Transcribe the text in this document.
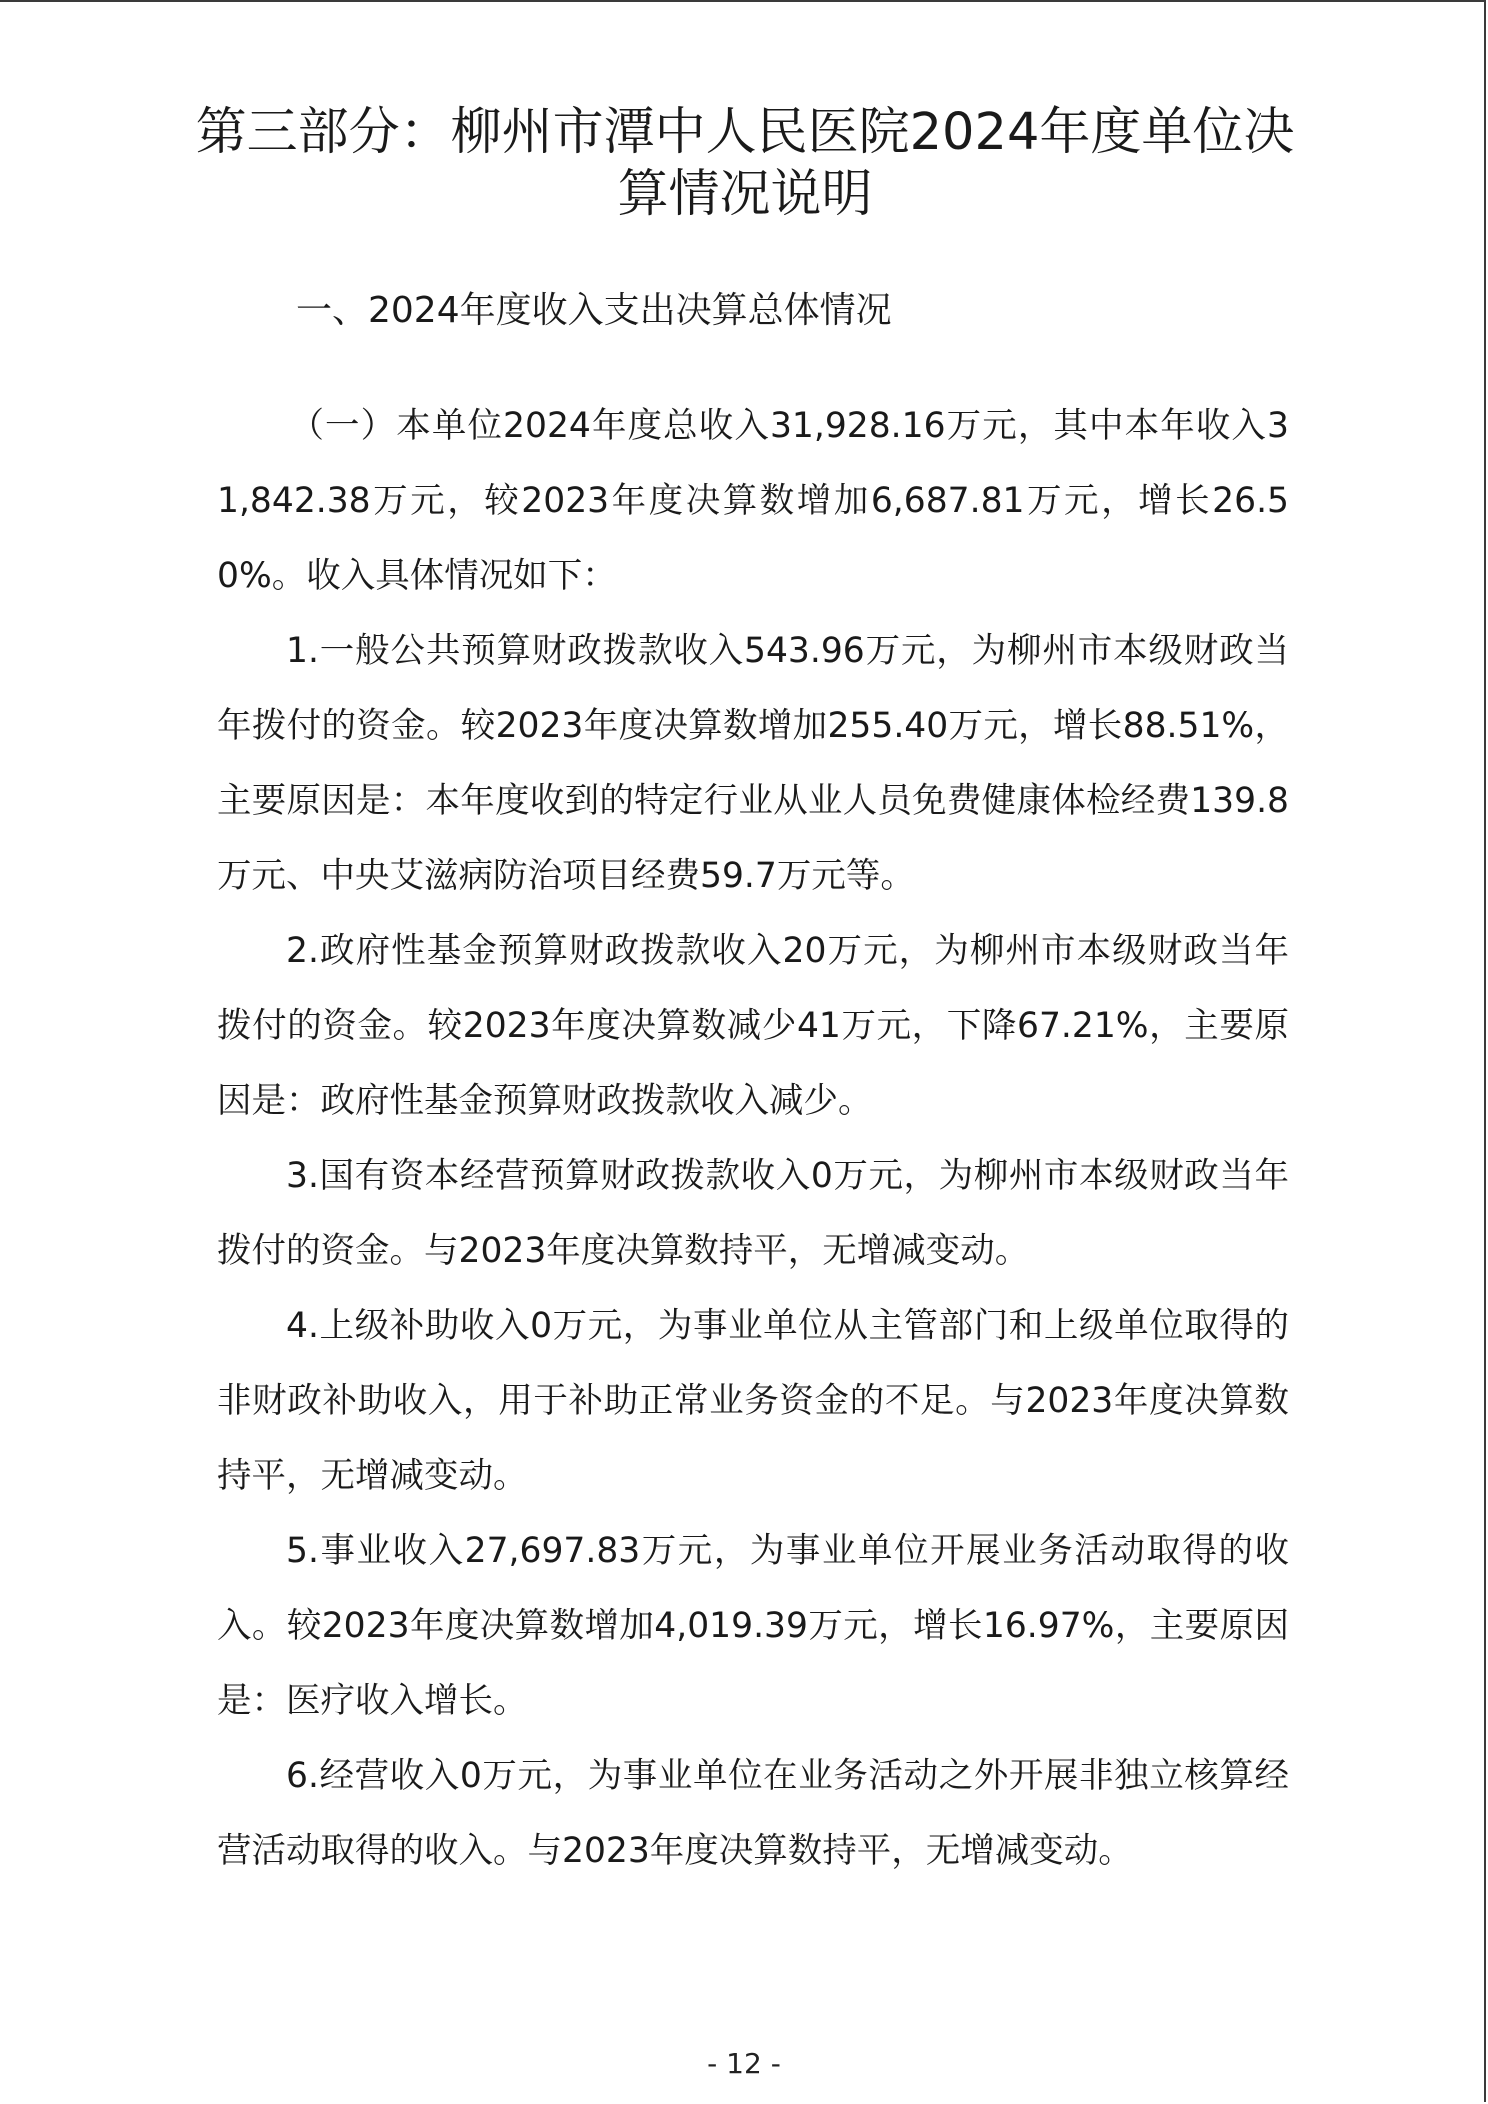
第三部分：柳州市潭中人民医院2024年度单位决算情况说明
一、2024年度收入支出决算总体情况

（一）本单位2024年度总收入31,928.16万元，其中本年收入31,842.38万元，较2023年度决算数增加6,687.81万元，增长26.50%。收入具体情况如下：

1.一般公共预算财政拨款收入543.96万元，为柳州市本级财政当年拨付的资金。较2023年度决算数增加255.40万元，增长88.51%，主要原因是：本年度收到的特定行业从业人员免费健康体检经费139.8万元、中央艾滋病防治项目经费59.7万元等。

2.政府性基金预算财政拨款收入20万元，为柳州市本级财政当年拨付的资金。较2023年度决算数减少41万元，下降67.21%，主要原因是：政府性基金预算财政拨款收入减少。

3.国有资本经营预算财政拨款收入0万元，为柳州市本级财政当年拨付的资金。与2023年度决算数持平，无增减变动。

4.上级补助收入0万元，为事业单位从主管部门和上级单位取得的非财政补助收入，用于补助正常业务资金的不足。与2023年度决算数持平，无增减变动。

5.事业收入27,697.83万元，为事业单位开展业务活动取得的收入。较2023年度决算数增加4,019.39万元，增长16.97%，主要原因是：医疗收入增长。

6.经营收入0万元，为事业单位在业务活动之外开展非独立核算经营活动取得的收入。与2023年度决算数持平，无增减变动。

- 12 -
